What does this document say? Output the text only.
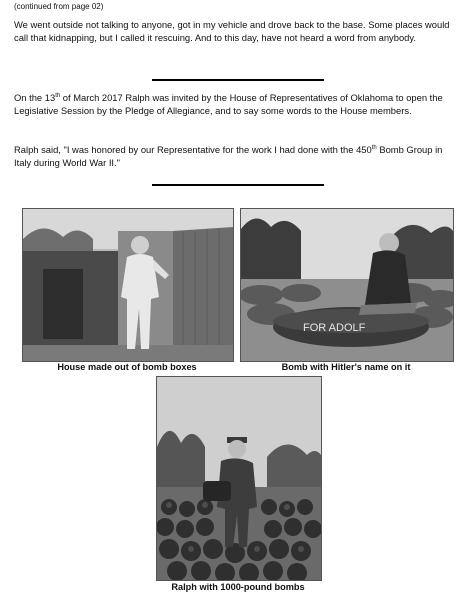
(continued from page 02)

We went outside not talking to anyone, got in my vehicle and drove back to the base. Some places would call that kidnapping, but I called it rescuing. And to this day, have not heard a word from anybody.

On the 13th of March 2017 Ralph was invited by the House of Representatives of Oklahoma to open the Legislative Session by the Pledge of Allegiance, and to say some words to the House members.

Ralph said, "I was honored by our Representative for the work I had done with the 450th Bomb Group in Italy during World War II."

House made out of bomb boxes
FOR ADOLF
Bomb with Hitler's name on it
Ralph with 1000-pound bombs
